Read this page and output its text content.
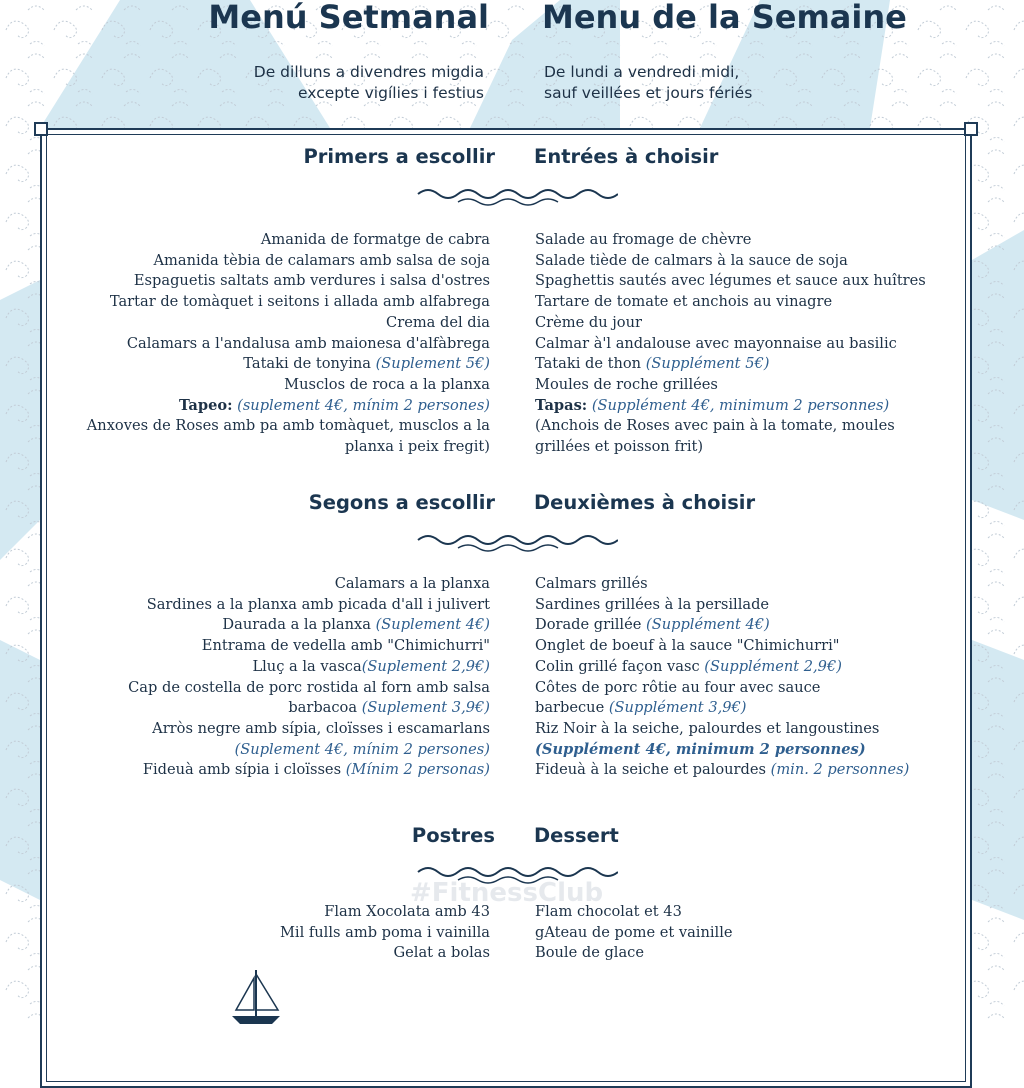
Menú Setmanal Menu de la Semaine
De dilluns a divendres migdia
excepte vigílies i festius
De lundi a vendredi midi,
sauf veillées et jours fériés
Primers a escollir Entrées à choisir
Amanida de formatge de cabra
Amanida tèbia de calamars amb salsa de soja
Espaguetis saltats amb verdures i salsa d'ostres
Tartar de tomàquet i seitons i allada amb alfabrega
Crema del dia
Calamars a l'andalusa amb maionesa d'alfàbrega
Tataki de tonyina (Suplement 5€)
Musclos de roca a la planxa
Tapeo: (suplement 4€, mínim 2 persones)
Anxoves de Roses amb pa amb tomàquet, musclos a la
planxa i peix fregit)
Salade au fromage de chèvre
Salade tiède de calmars à la sauce de soja
Spaghettis sautés avec légumes et sauce aux huîtres
Tartare de tomate et anchois au vinagre
Crème du jour
Calmar à'l andalouse avec mayonnaise au basilic
Tataki de thon (Supplément 5€)
Moules de roche grillées
Tapas: (Supplément 4€, minimum 2 personnes)
(Anchois de Roses avec pain à la tomate, moules
grillées et poisson frit)
Segons a escollir Deuxièmes à choisir
Calamars a la planxa
Sardines a la planxa amb picada d'all i julivert
Daurada a la planxa (Suplement 4€)
Entrama de vedella amb "Chimichurri"
Lluç a la vasca(Suplement 2,9€)
Cap de costella de porc rostida al forn amb salsa
barbacoa (Suplement 3,9€)
Arròs negre amb sípia, cloïsses i escamarlans
(Suplement 4€, mínim 2 persones)
Fideuà amb sípia i cloïsses (Mínim 2 personas)
Calmars grillés
Sardines grillées à la persillade
Dorade grillée (Supplément 4€)
Onglet de boeuf à la sauce "Chimichurri"
Colin grillé façon vasc (Supplément 2,9€)
Côtes de porc rôtie au four avec sauce
barbecue (Supplément 3,9€)
Riz Noir à la seiche, palourdes et langoustines
(Supplément 4€, minimum 2 personnes)
Fideuà à la seiche et palourdes (min. 2 personnes)
Postres Dessert
Flam Xocolata amb 43
Mil fulls amb poma i vainilla
Gelat a bolas
Flam chocolat et 43
gAteau de pome et vainille
Boule de glace
#FitnessClub
